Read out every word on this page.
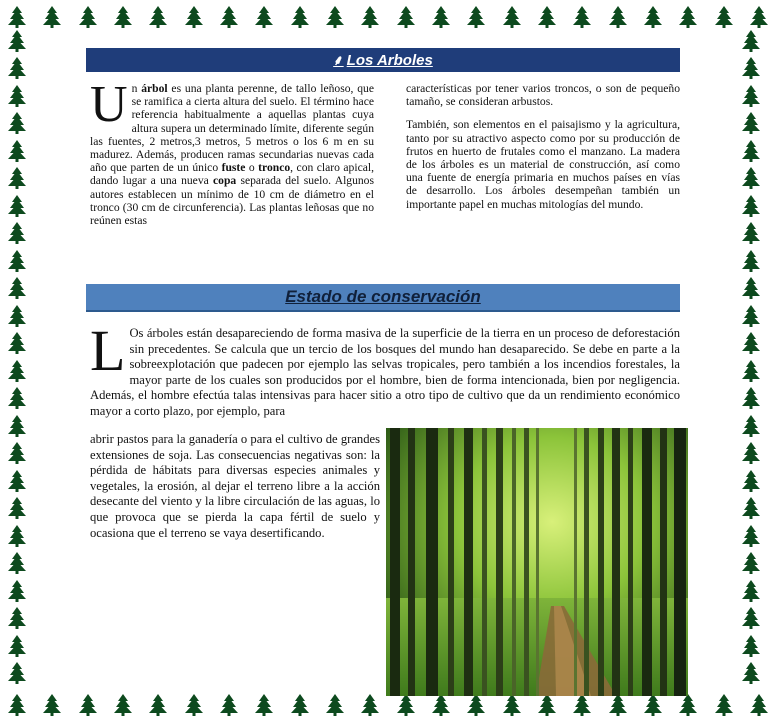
⸙ Los Arboles

Un árbol es una planta perenne, de tallo leñoso, que se ramifica a cierta altura del suelo. El término hace referencia habitualmente a aquellas plantas cuya altura supera un determinado límite, diferente según las fuentes, 2 metros,3 metros, 5 metros o los 6 m en su madurez. Además, producen ramas secundarias nuevas cada año que parten de un único fuste o tronco, con claro apical, dando lugar a una nueva copa separada del suelo. Algunos autores establecen un mínimo de 10 cm de diámetro en el tronco (30 cm de circunferencia). Las plantas leñosas que no reúnen estas

características por tener varios troncos, o son de pequeño tamaño, se consideran arbustos.

También, son elementos en el paisajismo y la agricultura, tanto por su atractivo aspecto como por su producción de frutos en huerto de frutales como el manzano. La madera de los árboles es un material de construcción, así como una fuente de energía primaria en muchos países en vías de desarrollo. Los árboles desempeñan también un importante papel en muchas mitologías del mundo.

Estado de conservación

L Os árboles están desapareciendo de forma masiva de la superficie de la tierra en un proceso de deforestación sin precedentes. Se calcula que un tercio de los bosques del mundo han desaparecido. Se debe en parte a la sobreexplotación que padecen por ejemplo las selvas tropicales, pero también a los incendios forestales, la mayor parte de los cuales son producidos por el hombre, bien de forma intencionada, bien por negligencia. Además, el hombre efectúa talas intensivas para hacer sitio a otro tipo de cultivo que da un rendimiento económico mayor a corto plazo, por ejemplo, para

abrir pastos para la ganadería o para el cultivo de grandes extensiones de soja. Las consecuencias negativas son: la pérdida de hábitats para diversas especies animales y vegetales, la erosión, al dejar el terreno libre a la acción desecante del viento y la libre circulación de las aguas, lo que provoca que se pierda la capa fértil de suelo y ocasiona que el terreno se vaya desertificando.
